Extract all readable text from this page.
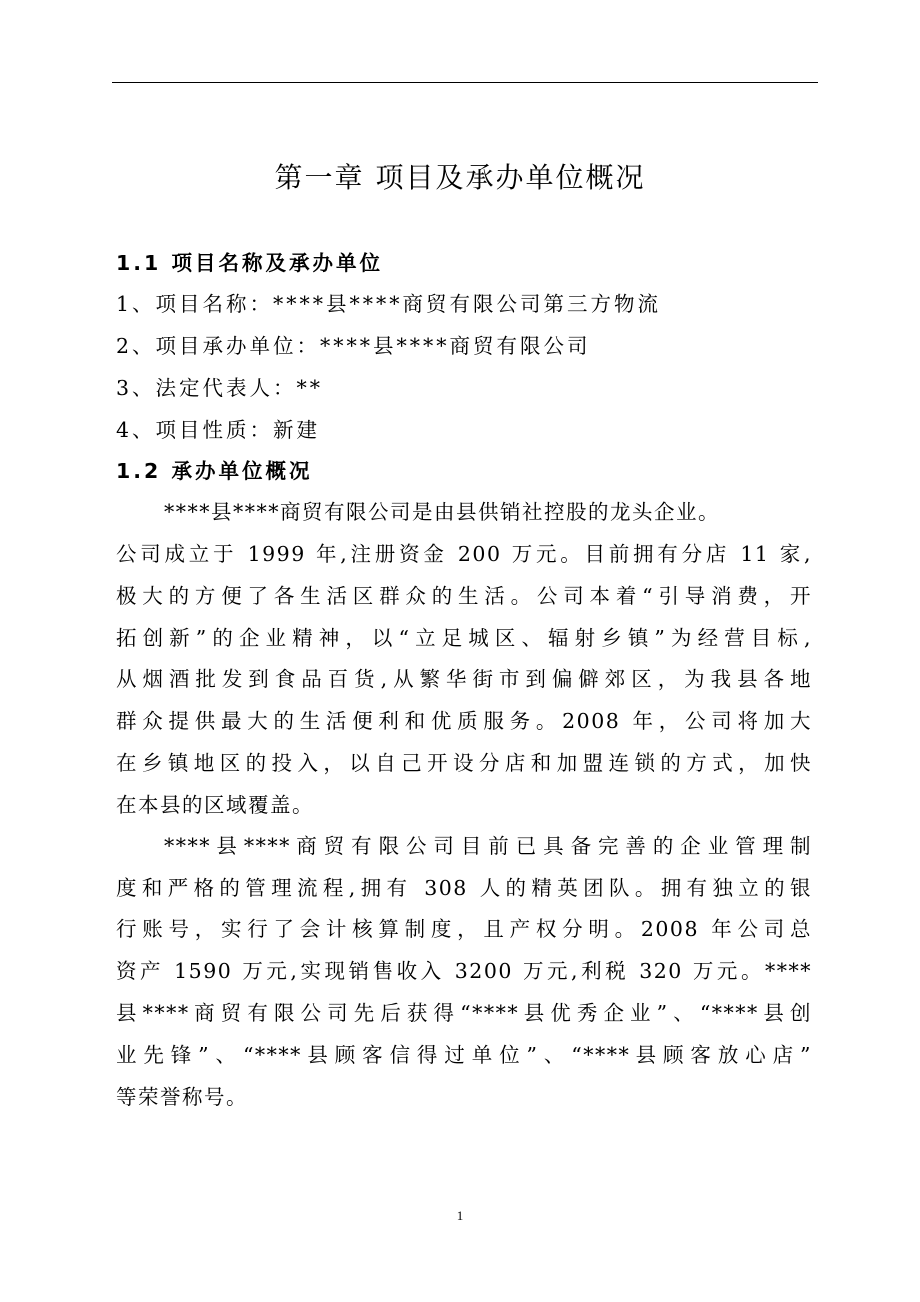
第一章 项目及承办单位概况
1.1 项目名称及承办单位
1、项目名称：****县****商贸有限公司第三方物流
2、项目承办单位：****县****商贸有限公司
3、法定代表人：**
4、项目性质：新建
1.2 承办单位概况
****县****商贸有限公司是由县供销社控股的龙头企业。
公司成立于 1999 年,注册资金 200 万元。目前拥有分店 11 家,
极大的方便了各生活区群众的生活。公司本着“引导消费，开
拓创新”的企业精神，以“立足城区、辐射乡镇”为经营目标,
从烟酒批发到食品百货,从繁华街市到偏僻郊区，为我县各地
群众提供最大的生活便利和优质服务。2008 年，公司将加大
在乡镇地区的投入，以自己开设分店和加盟连锁的方式，加快
在本县的区域覆盖。
****县****商贸有限公司目前已具备完善的企业管理制
度和严格的管理流程,拥有 308 人的精英团队。拥有独立的银
行账号，实行了会计核算制度，且产权分明。2008 年公司总
资产 1590 万元,实现销售收入 3200 万元,利税 320 万元。****
县****商贸有限公司先后获得“****县优秀企业”、“****县创
业先锋”、“****县顾客信得过单位”、“****县顾客放心店”
等荣誉称号。
1
